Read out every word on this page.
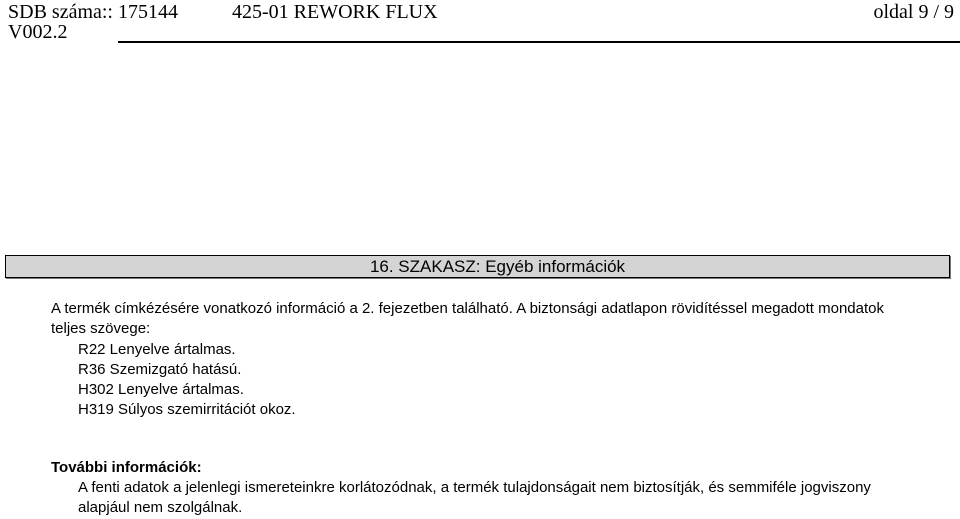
SDB száma:: 175144	425-01 REWORK FLUX	oldal 9 / 9
V002.2
16. SZAKASZ: Egyéb információk
A termék címkézésére vonatkozó információ a 2. fejezetben található. A biztonsági adatlapon rövidítéssel megadott mondatok
teljes szövege:
R22 Lenyelve ártalmas.
R36 Szemizgató hatású.
H302 Lenyelve ártalmas.
H319 Súlyos szemirritációt okoz.
További információk:
A fenti adatok a jelenlegi ismereteinkre korlátozódnak, a termék tulajdonságait nem biztosítják, és semmiféle jogviszony
alapjául nem szolgálnak.
